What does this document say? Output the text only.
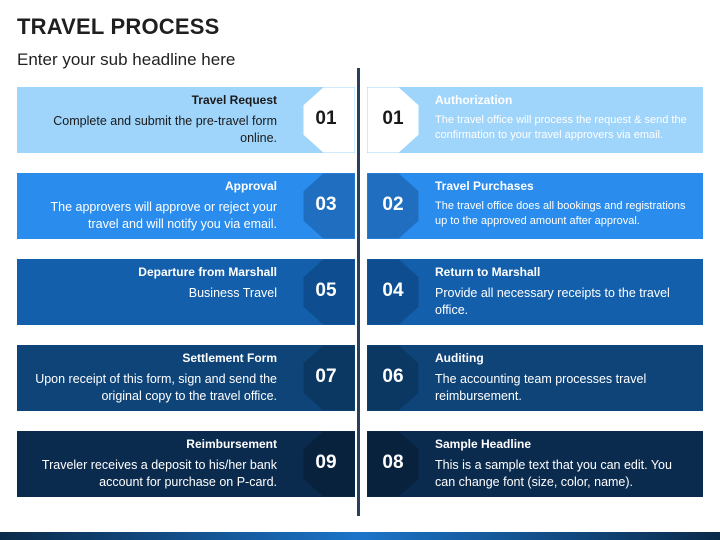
TRAVEL PROCESS
Enter your sub headline here
Travel Request
Complete and submit the pre-travel form online.
01
Approval
The approvers will approve or reject your travel and will notify you via email.
03
Departure from Marshall
Business Travel	05
Settlement Form
Upon receipt of this form, sign and send the original copy to the travel office.
07
Reimbursement
Traveler receives a deposit to his/her bank account for purchase on P-card.
09
01
Authorization
The travel office will process the request & send the confirmation to your travel approvers via email.
02
Travel Purchases
The travel office does all bookings and registrations up to the approved amount after approval.
04
Return to Marshall
Provide all necessary receipts to the travel office.
06
Auditing
The accounting team processes travel reimbursement.
08
Sample Headline
This is a sample text that you can edit. You can change font (size, color, name).
